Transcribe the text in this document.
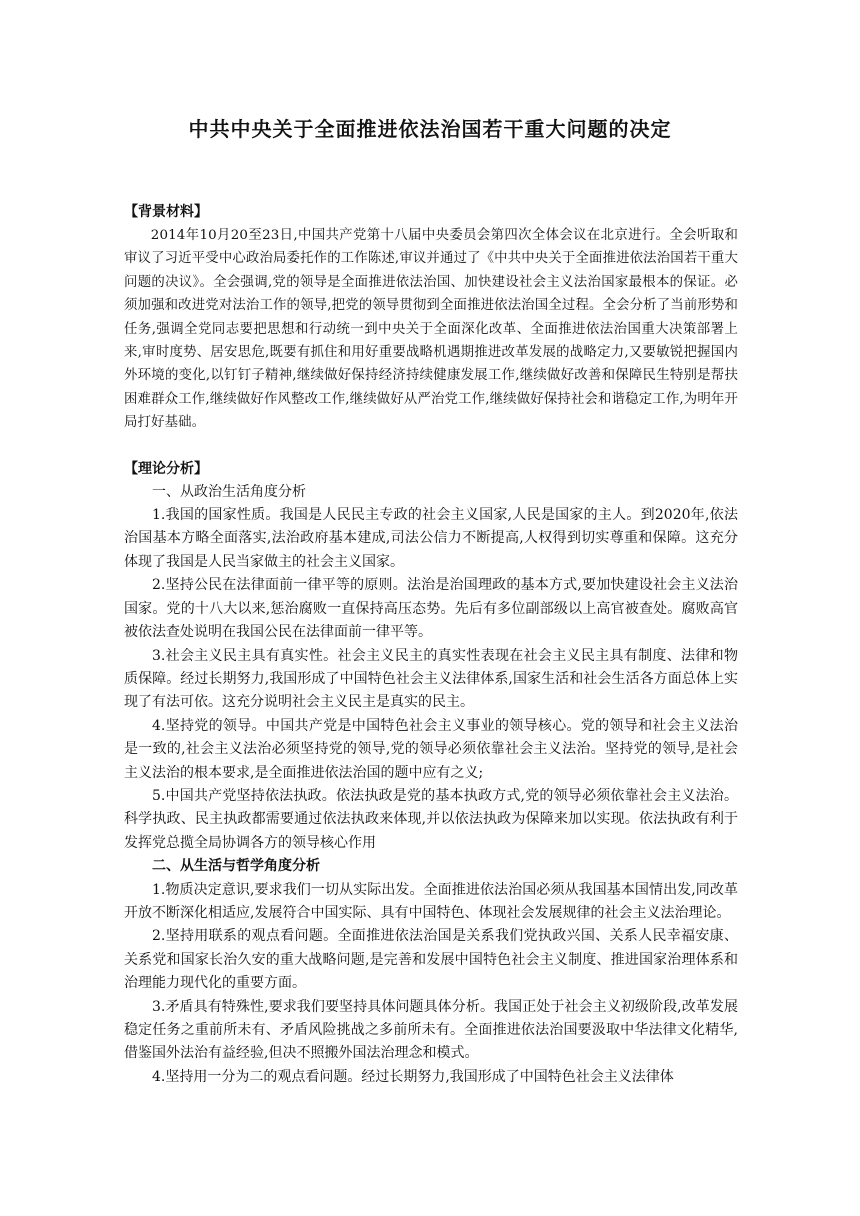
中共中央关于全面推进依法治国若干重大问题的决定

【背景材料】

2014年10月20至23日,中国共产党第十八届中央委员会第四次全体会议在北京进行。全会听取和审议了习近平受中心政治局委托作的工作陈述,审议并通过了《中共中央关于全面推进依法治国若干重大问题的决议》。全会强调,党的领导是全面推进依法治国、加快建设社会主义法治国家最根本的保证。必须加强和改进党对法治工作的领导,把党的领导贯彻到全面推进依法治国全过程。全会分析了当前形势和任务,强调全党同志要把思想和行动统一到中央关于全面深化改革、全面推进依法治国重大决策部署上来,审时度势、居安思危,既要有抓住和用好重要战略机遇期推进改革发展的战略定力,又要敏锐把握国内外环境的变化,以钉钉子精神,继续做好保持经济持续健康发展工作,继续做好改善和保障民生特别是帮扶困难群众工作,继续做好作风整改工作,继续做好从严治党工作,继续做好保持社会和谐稳定工作,为明年开局打好基础。

【理论分析】

一、从政治生活角度分析

1.我国的国家性质。我国是人民民主专政的社会主义国家,人民是国家的主人。到2020年,依法治国基本方略全面落实,法治政府基本建成,司法公信力不断提高,人权得到切实尊重和保障。这充分体现了我国是人民当家做主的社会主义国家。

2.坚持公民在法律面前一律平等的原则。法治是治国理政的基本方式,要加快建设社会主义法治国家。党的十八大以来,惩治腐败一直保持高压态势。先后有多位副部级以上高官被查处。腐败高官被依法查处说明在我国公民在法律面前一律平等。

3.社会主义民主具有真实性。社会主义民主的真实性表现在社会主义民主具有制度、法律和物质保障。经过长期努力,我国形成了中国特色社会主义法律体系,国家生活和社会生活各方面总体上实现了有法可依。这充分说明社会主义民主是真实的民主。

4.坚持党的领导。中国共产党是中国特色社会主义事业的领导核心。党的领导和社会主义法治是一致的,社会主义法治必须坚持党的领导,党的领导必须依靠社会主义法治。坚持党的领导,是社会主义法治的根本要求,是全面推进依法治国的题中应有之义;

5.中国共产党坚持依法执政。依法执政是党的基本执政方式,党的领导必须依靠社会主义法治。科学执政、民主执政都需要通过依法执政来体现,并以依法执政为保障来加以实现。依法执政有利于发挥党总揽全局协调各方的领导核心作用

二、从生活与哲学角度分析

1.物质决定意识,要求我们一切从实际出发。全面推进依法治国必须从我国基本国情出发,同改革开放不断深化相适应,发展符合中国实际、具有中国特色、体现社会发展规律的社会主义法治理论。

2.坚持用联系的观点看问题。全面推进依法治国是关系我们党执政兴国、关系人民幸福安康、关系党和国家长治久安的重大战略问题,是完善和发展中国特色社会主义制度、推进国家治理体系和治理能力现代化的重要方面。

3.矛盾具有特殊性,要求我们要坚持具体问题具体分析。我国正处于社会主义初级阶段,改革发展稳定任务之重前所未有、矛盾风险挑战之多前所未有。全面推进依法治国要汲取中华法律文化精华,借鉴国外法治有益经验,但决不照搬外国法治理念和模式。

4.坚持用一分为二的观点看问题。经过长期努力,我国形成了中国特色社会主义法律体
